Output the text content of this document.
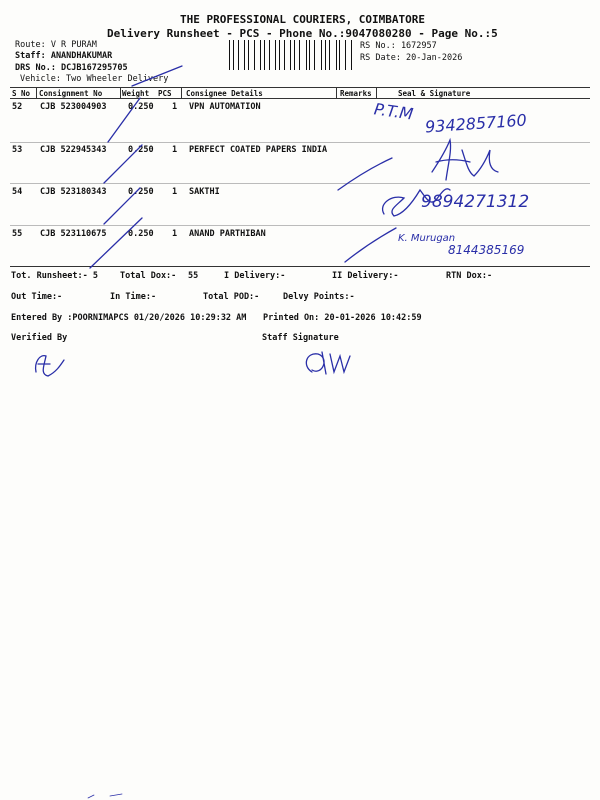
THE PROFESSIONAL COURIERS, COIMBATORE
Delivery Runsheet - PCS - Phone No.:9047080280 - Page No.:5
Route: V R PURAM
Staff: ANANDHAKUMAR
DRS No.: DCJB167295705
Vehicle: Two Wheeler Delivery
RS No.: 1672957
RS Date: 20-Jan-2026
S No Consignment No	Weight PCS Consignee Details	Remarks	Seal & Signature
52 CJB 523004903	0.250 1 VPN AUTOMATION
53 CJB 522945343	0.250 1 PERFECT COATED PAPERS INDIA
54 CJB 523180343	0.250 1 SAKTHI
55 CJB 523110675	0.250 1 ANAND PARTHIBAN
Tot. Runsheet:- 5	Total Dox:- 55	I Delivery:-	II Delivery:-	RTN Dox:-
Out Time:-	In Time:-	Total POD:-	Delvy Points:-
Entered By :POORNIMAPCS 01/20/2026 10:29:32 AM Printed On: 20-01-2026 10:42:59
Verified By	Staff Signature
P.T.M 9342857160
9894271312
K. Murugan
8144385169
